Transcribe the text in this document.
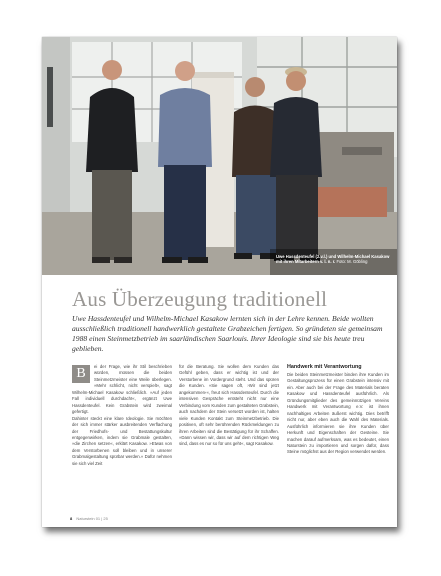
Uwe Hassdenteufel (2.v.l.) und Wilhelm-Michael Kasakow mit ihren Mitarbeitern v. l. n. r. Foto: M. Göbling
Aus Überzeugung traditionell
Uwe Hassdenteufel und Wilhelm-Michael Kasakow lernten sich in der Lehre kennen. Beide wollten ausschließlich traditionell handwerklich gestaltete Grabzeichen fertigen. So gründeten sie gemeinsam 1988 einen Steinmetzbetrieb im saarländischen Saarlouis. Ihrer Ideologie sind sie bis heute treu geblieben.
B	ei der Frage, wie ihr Stil beschrieben würden, müssen die beiden Steinmetzmeister eine Weile überlegen. »Mehr schlicht, nicht verspielt«, sagt Wilhelm-Michael Kasakow schließlich. »Auf jeden Fall individuell durchdacht«, ergänzt Uwe Hassdenteufel. Kein Grabstein wird zweimal gefertigt.
Dahinter steckt eine klare Ideologie. Sie möchten der sich immer stärker ausbreitenden Verflachung der Friedhofs- und Bestattungskultur entgegenwirken, indem sie Grabmale gestalten, »die Zirchen setzen«, erklärt Kasakow. »Etwas von dem Verstorbenen soll bleiben und in unserer Grabmalgestaltung spürbar werden.« Dafür nehmen sie sich viel Zeit
für die Beratung. Sie wollen dem Kunden das Gefühl geben, dass er wichtig ist und der Verstorbene im Vordergrund steht. Und das spüren die Kunden. »Sie sagen oft, ›Wir sind jetzt angekommen‹«, freut sich Hassdenteufel. Durch die intensiven Gespräche entsteht nicht nur eine Verbindung vom Kunden zum gestalteten Grabstein, auch nachdem der Stein versetzt worden ist, halten viele Kunden Kontakt zum Steinmetzbetrieb. Die positiven, oft sehr berührenden Rückmeldungen zu ihren Arbeiten sind die Bestätigung für ihr Schaffen. »Dann wissen wir, dass wir auf dem richtigen Weg sind, dass es nur so für uns geht«, sagt Kasakow.
Handwerk mit Verantwortung
Die beiden Steinmetzmeister binden ihre Kunden im Gestaltungsprozess für einen Grabstein intensiv mit ein. Aber auch bei der Frage des Materials beraten Kasakow und Hassdenteufel ausführlich. Als Gründungsmitglieder des gemeinnützigen Vereins Handwerk mit Verantwortung e.V. ist ihnen nachhaltiges Arbeiten äußerst wichtig. Dies betrifft nicht nur, aber eben auch die Wahl des Materials. Ausführlich informieren sie ihre Kunden über Herkunft und Eigenschaften der Gesteine. Sie machen darauf aufmerksam, was es bedeutet, einen Naturstein zu importieren und sorgen dafür, dass Steine möglichst aus der Region verwendet werden.
8 Naturstein 01 | 25
